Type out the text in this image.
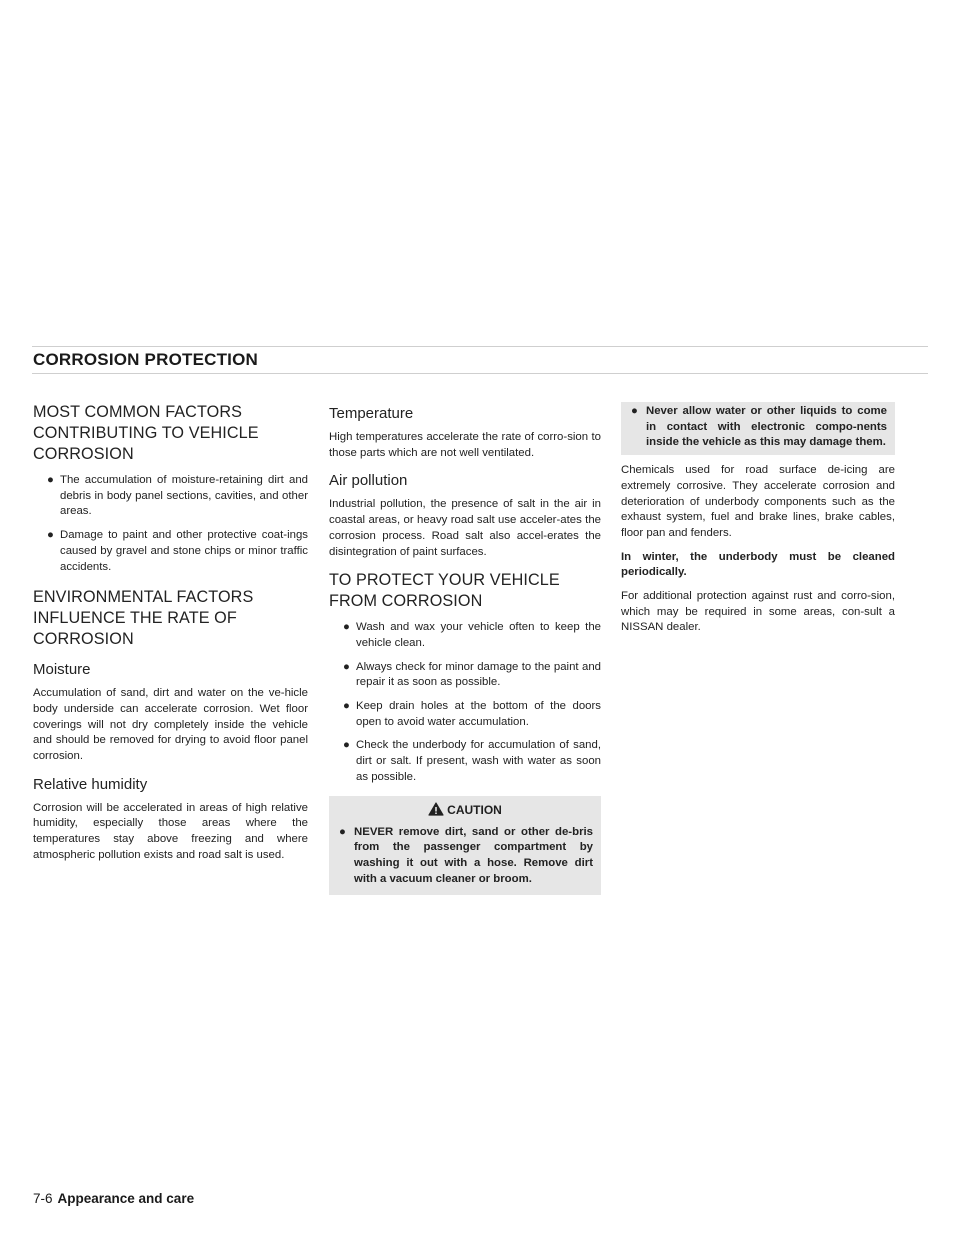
CORROSION PROTECTION
MOST COMMON FACTORS CONTRIBUTING TO VEHICLE CORROSION
● The accumulation of moisture-retaining dirt and debris in body panel sections, cavities, and other areas.
● Damage to paint and other protective coat-ings caused by gravel and stone chips or minor traffic accidents.
ENVIRONMENTAL FACTORS INFLUENCE THE RATE OF CORROSION
Moisture

Accumulation of sand, dirt and water on the ve-hicle body underside can accelerate corrosion. Wet floor coverings will not dry completely inside the vehicle and should be removed for drying to avoid floor panel corrosion.

Relative humidity

Corrosion will be accelerated in areas of high relative humidity, especially those areas where the temperatures stay above freezing and where atmospheric pollution exists and road salt is used.

Temperature

High temperatures accelerate the rate of corro-sion to those parts which are not well ventilated.

Air pollution

Industrial pollution, the presence of salt in the air in coastal areas, or heavy road salt use acceler-ates the corrosion process. Road salt also accel-erates the disintegration of paint surfaces.

TO PROTECT YOUR VEHICLE FROM CORROSION
● Wash and wax your vehicle often to keep the vehicle clean.
● Always check for minor damage to the paint and repair it as soon as possible.
● Keep drain holes at the bottom of the doors open to avoid water accumulation.
● Check the underbody for accumulation of sand, dirt or salt. If present, wash with water as soon as possible.
CAUTION
● NEVER remove dirt, sand or other de-bris from the passenger compartment by washing it out with a hose. Remove dirt with a vacuum cleaner or broom.
● Never allow water or other liquids to come in contact with electronic compo-nents inside the vehicle as this may damage them.

Chemicals used for road surface de-icing are extremely corrosive. They accelerate corrosion and deterioration of underbody components such as the exhaust system, fuel and brake lines, brake cables, floor pan and fenders.

In winter, the underbody must be cleaned periodically.

For additional protection against rust and corro-sion, which may be required in some areas, con-sult a NISSAN dealer.

7-6 Appearance and care
